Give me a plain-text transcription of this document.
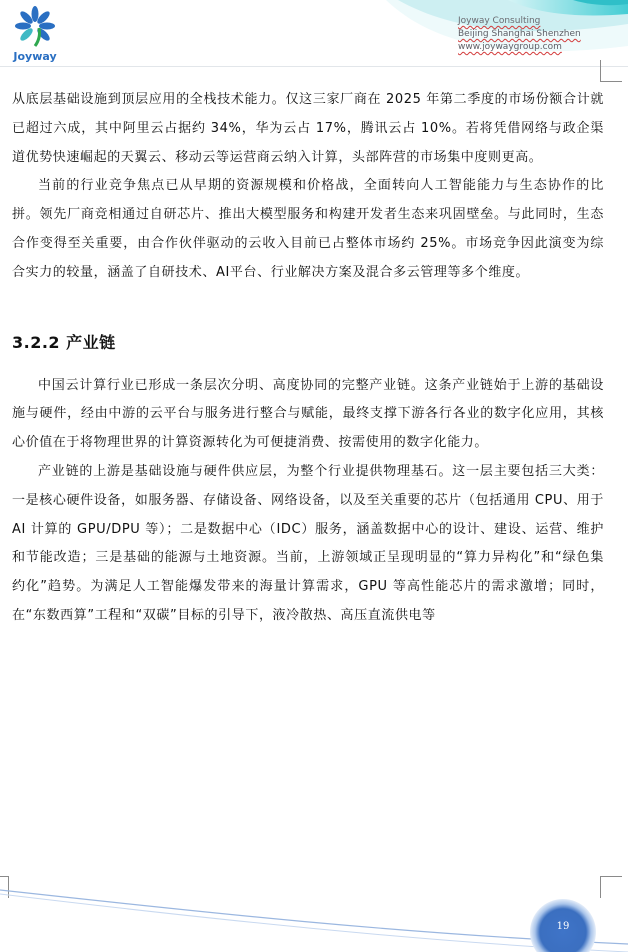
Joyway
Joyway Consulting
Beijing Shanghai Shenzhen
www.joywaygroup.com

从底层基础设施到顶层应用的全栈技术能力。仅这三家厂商在 2025 年第二季度的市场份额合计就已超过六成，其中阿里云占据约 34%，华为云占 17%，腾讯云占 10%。若将凭借网络与政企渠道优势快速崛起的天翼云、移动云等运营商云纳入计算，头部阵营的市场集中度则更高。

当前的行业竞争焦点已从早期的资源规模和价格战，全面转向人工智能能力与生态协作的比拼。领先厂商竞相通过自研芯片、推出大模型服务和构建开发者生态来巩固壁垒。与此同时，生态合作变得至关重要，由合作伙伴驱动的云收入目前已占整体市场约 25%。市场竞争因此演变为综合实力的较量，涵盖了自研技术、AI平台、行业解决方案及混合多云管理等多个维度。

3.2.2 产业链

中国云计算行业已形成一条层次分明、高度协同的完整产业链。这条产业链始于上游的基础设施与硬件，经由中游的云平台与服务进行整合与赋能，最终支撑下游各行各业的数字化应用，其核心价值在于将物理世界的计算资源转化为可便捷消费、按需使用的数字化能力。

产业链的上游是基础设施与硬件供应层，为整个行业提供物理基石。这一层主要包括三大类：一是核心硬件设备，如服务器、存储设备、网络设备，以及至关重要的芯片（包括通用 CPU、用于 AI 计算的 GPU/DPU 等）；二是数据中心（IDC）服务，涵盖数据中心的设计、建设、运营、维护和节能改造；三是基础的能源与土地资源。当前，上游领域正呈现明显的“算力异构化”和“绿色集约化”趋势。为满足人工智能爆发带来的海量计算需求，GPU 等高性能芯片的需求激增；同时，在“东数西算”工程和“双碳”目标的引导下，液冷散热、高压直流供电等

19
